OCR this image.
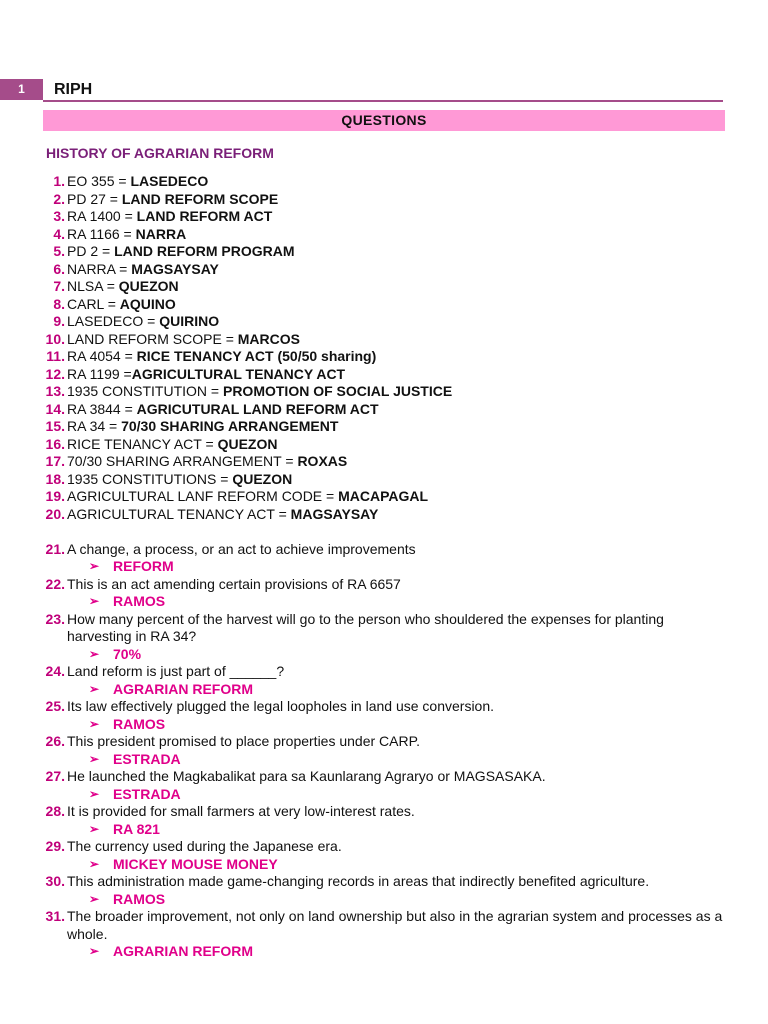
1	RIPH
QUESTIONS
HISTORY OF AGRARIAN REFORM
1 . EO 355 = LASEDECO
2 . PD 27 = LAND REFORM SCOPE
3 . RA 1400 = LAND REFORM ACT
4 . RA 1166 = NARRA
5 . PD 2 = LAND REFORM PROGRAM
6 . NARRA = MAGSAYSAY
7 . NLSA = QUEZON
8 . CARL = AQUINO
9 . LASEDECO = QUIRINO
10 . LAND REFORM SCOPE = MARCOS
11 . RA 4054 = RICE TENANCY ACT (50/50 sharing)
12 . RA 1199 =AGRICULTURAL TENANCY ACT
13 . 1935 CONSTITUTION = PROMOTION OF SOCIAL JUSTICE
14 . RA 3844 = AGRICUTURAL LAND REFORM ACT
15 . RA 34 = 70/30 SHARING ARRANGEMENT
16 . RICE TENANCY ACT = QUEZON
17 . 70/30 SHARING ARRANGEMENT = ROXAS
18 . 1935 CONSTITUTIONS = QUEZON
19 . AGRICULTURAL LANF REFORM CODE = MACAPAGAL
20 . AGRICULTURAL TENANCY ACT = MAGSAYSAY
21 . A change, a process, or an act to achieve improvements
➢ REFORM
22 . This is an act amending certain provisions of RA 6657
➢ RAMOS
23 . How many percent of the harvest will go to the person who shouldered the expenses for planting harvesting in RA 34?
➢ 70%
24 . Land reform is just part of ______?
➢ AGRARIAN REFORM
25 . Its law effectively plugged the legal loopholes in land use conversion.
➢ RAMOS
26 . This president promised to place properties under CARP.
➢ ESTRADA
27 . He launched the Magkabalikat para sa Kaunlarang Agraryo or MAGSASAKA.
➢ ESTRADA
28 . It is provided for small farmers at very low-interest rates.
➢ RA 821
29 . The currency used during the Japanese era.
➢ MICKEY MOUSE MONEY
30 . This administration made game-changing records in areas that indirectly benefited agriculture.
➢ RAMOS
31 . The broader improvement, not only on land ownership but also in the agrarian system and processes as a whole.
➢ AGRARIAN REFORM
